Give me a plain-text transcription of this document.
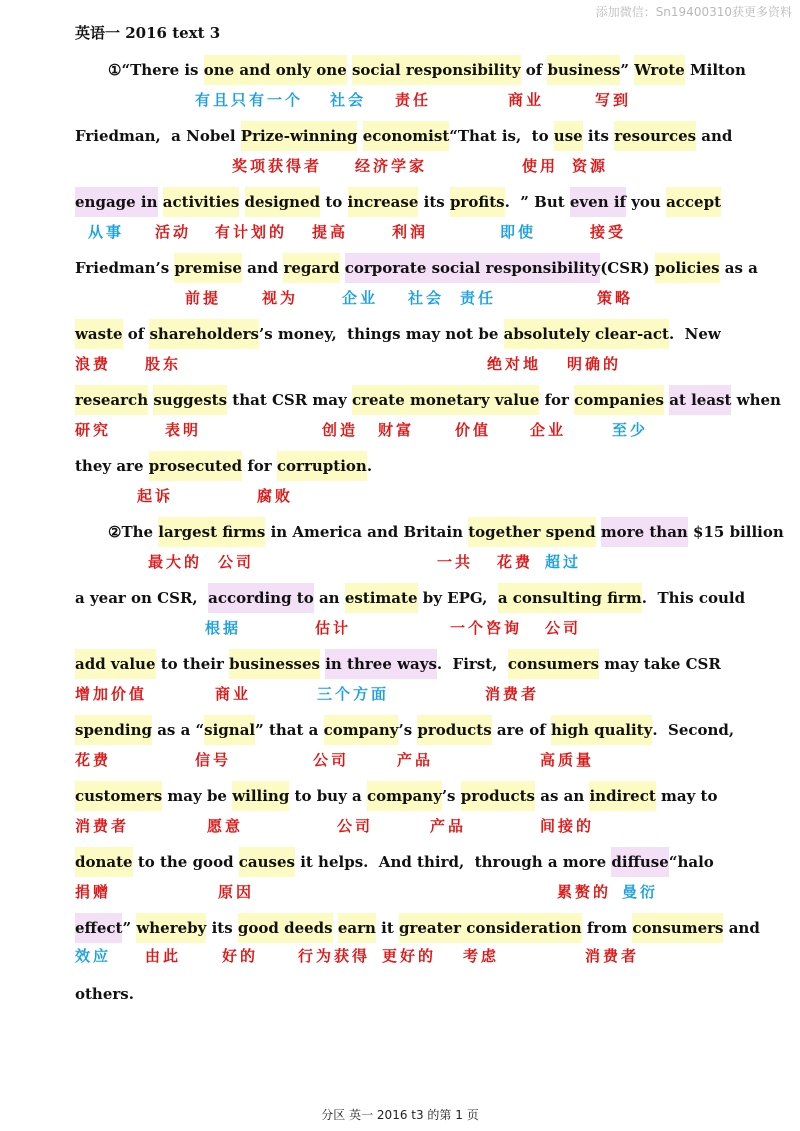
添加微信：Sn19400310获更多资料
英语一 2016 text 3
①“There is one and only one social responsibility of business” Wrote Milton
Friedman,  a Nobel Prize-winning economist“That is,  to use its resources and
engage in activities designed to increase its profits.  ” But even if you accept
Friedman’s premise and regard corporate social responsibility(CSR) policies as a
waste of shareholders’s money,  things may not be absolutely clear-act.  New
research suggests that CSR may create monetary value for companies at least when
they are prosecuted for corruption.
②The largest firms in America and Britain together spend more than $15 billion
a year on CSR,  according to an estimate by EPG,  a consulting firm.  This could
add value to their businesses in three ways.  First,  consumers may take CSR
spending as a “signal” that a company’s products are of high quality.  Second,
customers may be willing to buy a company’s products as an indirect may to
donate to the good causes it helps.  And third,  through a more diffuse“halo
effect” whereby its good deeds earn it greater consideration from consumers and
others.
有且只有一个 社会 责任	商业	写到
奖项获得者 经济学家	使用 资源
从事 活动 有计划的 提高	利润	即使	接受
前提	视为	企业 社会 责任	策略
浪费 股东	绝对地 明确的
研究	表明	创造 财富	价值	企业	至少
起诉	腐败
最大的 公司	一共 花费 超过
根据	估计	一个咨询 公司
增加价值	商业	三个方面	消费者
花费	信号	公司	产品	高质量
消费者	愿意	公司	产品	间接的
捐赠	原因	累赘的 曼衍
效应 由此	好的	行为获得 更好的 考虑	消费者
分区 英一 2016 t3 的第 1 页
